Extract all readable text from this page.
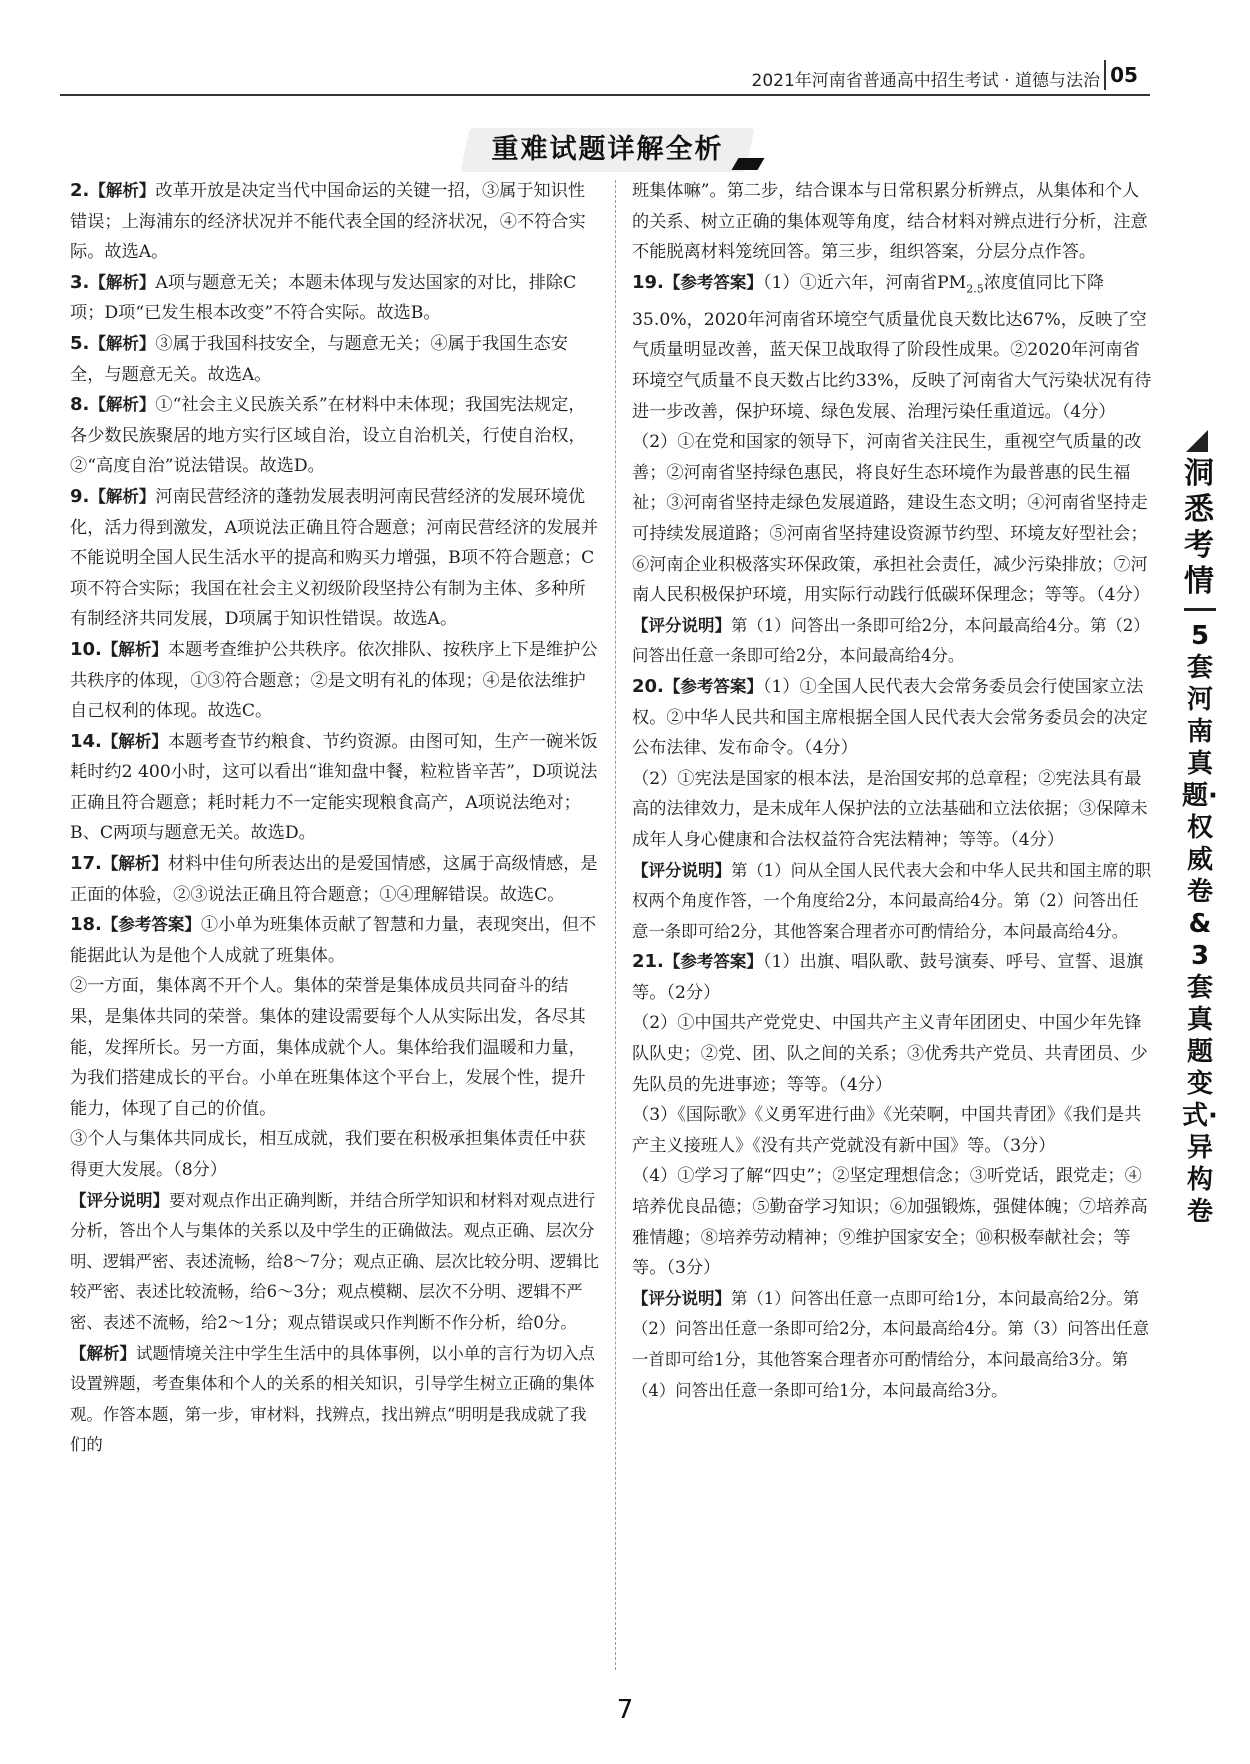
2021年河南省普通高中招生考试 · 道德与法治 05
重难试题详解全析

2.【解析】改革开放是决定当代中国命运的关键一招，③属于知识性错误；上海浦东的经济状况并不能代表全国的经济状况，④不符合实际。故选A。

3.【解析】A项与题意无关；本题未体现与发达国家的对比，排除C项；D项“已发生根本改变”不符合实际。故选B。

5.【解析】③属于我国科技安全，与题意无关；④属于我国生态安全，与题意无关。故选A。

8.【解析】①“社会主义民族关系”在材料中未体现；我国宪法规定，各少数民族聚居的地方实行区域自治，设立自治机关，行使自治权，②“高度自治”说法错误。故选D。

9.【解析】河南民营经济的蓬勃发展表明河南民营经济的发展环境优化，活力得到激发，A项说法正确且符合题意；河南民营经济的发展并不能说明全国人民生活水平的提高和购买力增强，B项不符合题意；C项不符合实际；我国在社会主义初级阶段坚持公有制为主体、多种所有制经济共同发展，D项属于知识性错误。故选A。

10.【解析】本题考查维护公共秩序。依次排队、按秩序上下是维护公共秩序的体现，①③符合题意；②是文明有礼的体现；④是依法维护自己权利的体现。故选C。

14.【解析】本题考查节约粮食、节约资源。由图可知，生产一碗米饭耗时约2 400小时，这可以看出“谁知盘中餐，粒粒皆辛苦”，D项说法正确且符合题意；耗时耗力不一定能实现粮食高产，A项说法绝对；B、C两项与题意无关。故选D。

17.【解析】材料中佳句所表达出的是爱国情感，这属于高级情感，是正面的体验，②③说法正确且符合题意；①④理解错误。故选C。

18.【参考答案】①小单为班集体贡献了智慧和力量，表现突出，但不能据此认为是他个人成就了班集体。

②一方面，集体离不开个人。集体的荣誉是集体成员共同奋斗的结果，是集体共同的荣誉。集体的建设需要每个人从实际出发，各尽其能，发挥所长。另一方面，集体成就个人。集体给我们温暖和力量，为我们搭建成长的平台。小单在班集体这个平台上，发展个性，提升能力，体现了自己的价值。

③个人与集体共同成长，相互成就，我们要在积极承担集体责任中获得更大发展。（8分）

【评分说明】要对观点作出正确判断，并结合所学知识和材料对观点进行分析，答出个人与集体的关系以及中学生的正确做法。观点正确、层次分明、逻辑严密、表述流畅，给8～7分；观点正确、层次比较分明、逻辑比较严密、表述比较流畅，给6～3分；观点模糊、层次不分明、逻辑不严密、表述不流畅，给2～1分；观点错误或只作判断不作分析，给0分。

【解析】试题情境关注中学生生活中的具体事例，以小单的言行为切入点设置辨题，考查集体和个人的关系的相关知识，引导学生树立正确的集体观。作答本题，第一步，审材料，找辨点，找出辨点“明明是我成就了我们的

班集体嘛”。第二步，结合课本与日常积累分析辨点，从集体和个人的关系、树立正确的集体观等角度，结合材料对辨点进行分析，注意不能脱离材料笼统回答。第三步，组织答案，分层分点作答。

19.【参考答案】（1）①近六年，河南省$PM_{2.5}$浓度值同比下降35.0%，2020年河南省环境空气质量优良天数比达67%，反映了空气质量明显改善，蓝天保卫战取得了阶段性成果。②2020年河南省环境空气质量不良天数占比约33%，反映了河南省大气污染状况有待进一步改善，保护环境、绿色发展、治理污染任重道远。（4分）

（2）①在党和国家的领导下，河南省关注民生，重视空气质量的改善；②河南省坚持绿色惠民，将良好生态环境作为最普惠的民生福祉；③河南省坚持走绿色发展道路，建设生态文明；④河南省坚持走可持续发展道路；⑤河南省坚持建设资源节约型、环境友好型社会；⑥河南企业积极落实环保政策，承担社会责任，减少污染排放；⑦河南人民积极保护环境，用实际行动践行低碳环保理念；等等。（4分）

【评分说明】第（1）问答出一条即可给2分，本问最高给4分。第（2）问答出任意一条即可给2分，本问最高给4分。

20.【参考答案】（1）①全国人民代表大会常务委员会行使国家立法权。②中华人民共和国主席根据全国人民代表大会常务委员会的决定公布法律、发布命令。（4分）

（2）①宪法是国家的根本法，是治国安邦的总章程；②宪法具有最高的法律效力，是未成年人保护法的立法基础和立法依据；③保障未成年人身心健康和合法权益符合宪法精神；等等。（4分）

【评分说明】第（1）问从全国人民代表大会和中华人民共和国主席的职权两个角度作答，一个角度给2分，本问最高给4分。第（2）问答出任意一条即可给2分，其他答案合理者亦可酌情给分，本问最高给4分。

21.【参考答案】（1）出旗、唱队歌、鼓号演奏、呼号、宣誓、退旗等。（2分）

（2）①中国共产党党史、中国共产主义青年团团史、中国少年先锋队队史；②党、团、队之间的关系；③优秀共产党员、共青团员、少先队员的先进事迹；等等。（4分）

（3）《国际歌》《义勇军进行曲》《光荣啊，中国共青团》《我们是共产主义接班人》《没有共产党就没有新中国》等。（3分）

（4）①学习了解“四史”；②坚定理想信念；③听党话，跟党走；④培养优良品德；⑤勤奋学习知识；⑥加强锻炼，强健体魄；⑦培养高雅情趣；⑧培养劳动精神；⑨维护国家安全；⑩积极奉献社会；等等。（3分）

【评分说明】第（1）问答出任意一点即可给1分，本问最高给2分。第（2）问答出任意一条即可给2分，本问最高给4分。第（3）问答出任意一首即可给1分，其他答案合理者亦可酌情给分，本问最高给3分。第（4）问答出任意一条即可给1分，本问最高给3分。

洞悉考情
5套河南真题·权威卷&3套真题变式·异构卷
7
